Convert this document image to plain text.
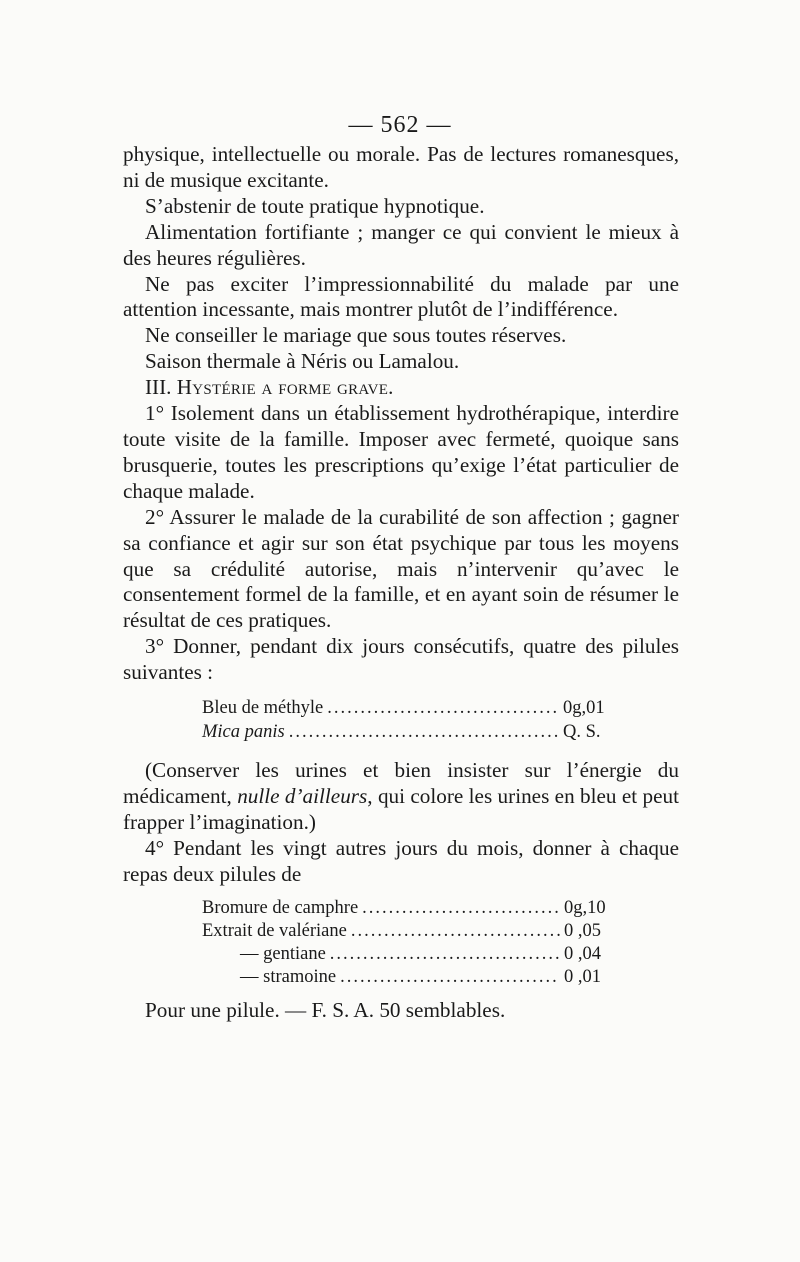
— 562 —

physique, intellectuelle ou morale. Pas de lectures romanesques, ni de musique excitante.

S’abstenir de toute pratique hypnotique.

Alimentation fortifiante ; manger ce qui convient le mieux à des heures régulières.

Ne pas exciter l’impressionnabilité du malade par une attention incessante, mais montrer plutôt de l’indifférence.

Ne conseiller le mariage que sous toutes réserves.

Saison thermale à Néris ou Lamalou.

III. Hystérie a forme grave.

1° Isolement dans un établissement hydrothérapique, interdire toute visite de la famille. Imposer avec fermeté, quoique sans brusquerie, toutes les prescriptions qu’exige l’état particulier de chaque malade.

2° Assurer le malade de la curabilité de son affection ; gagner sa confiance et agir sur son état psychique par tous les moyens que sa crédulité autorise, mais n’intervenir qu’avec le consentement formel de la famille, et en ayant soin de résumer le résultat de ces pratiques.

3° Donner, pendant dix jours consécutifs, quatre des pilules suivantes :

Bleu de méthyle .....	0g,01
Mica panis .....	Q. S.

(Conserver les urines et bien insister sur l’énergie du médicament, nulle d’ailleurs, qui colore les urines en bleu et peut frapper l’imagination.)

4° Pendant les vingt autres jours du mois, donner à chaque repas deux pilules de

Bromure de camphre .....	0g,10
Extrait de valériane .....	0 ,05
— gentiane .....	0 ,04
— stramoine .....	0 ,01

Pour une pilule. — F. S. A. 50 semblables.
